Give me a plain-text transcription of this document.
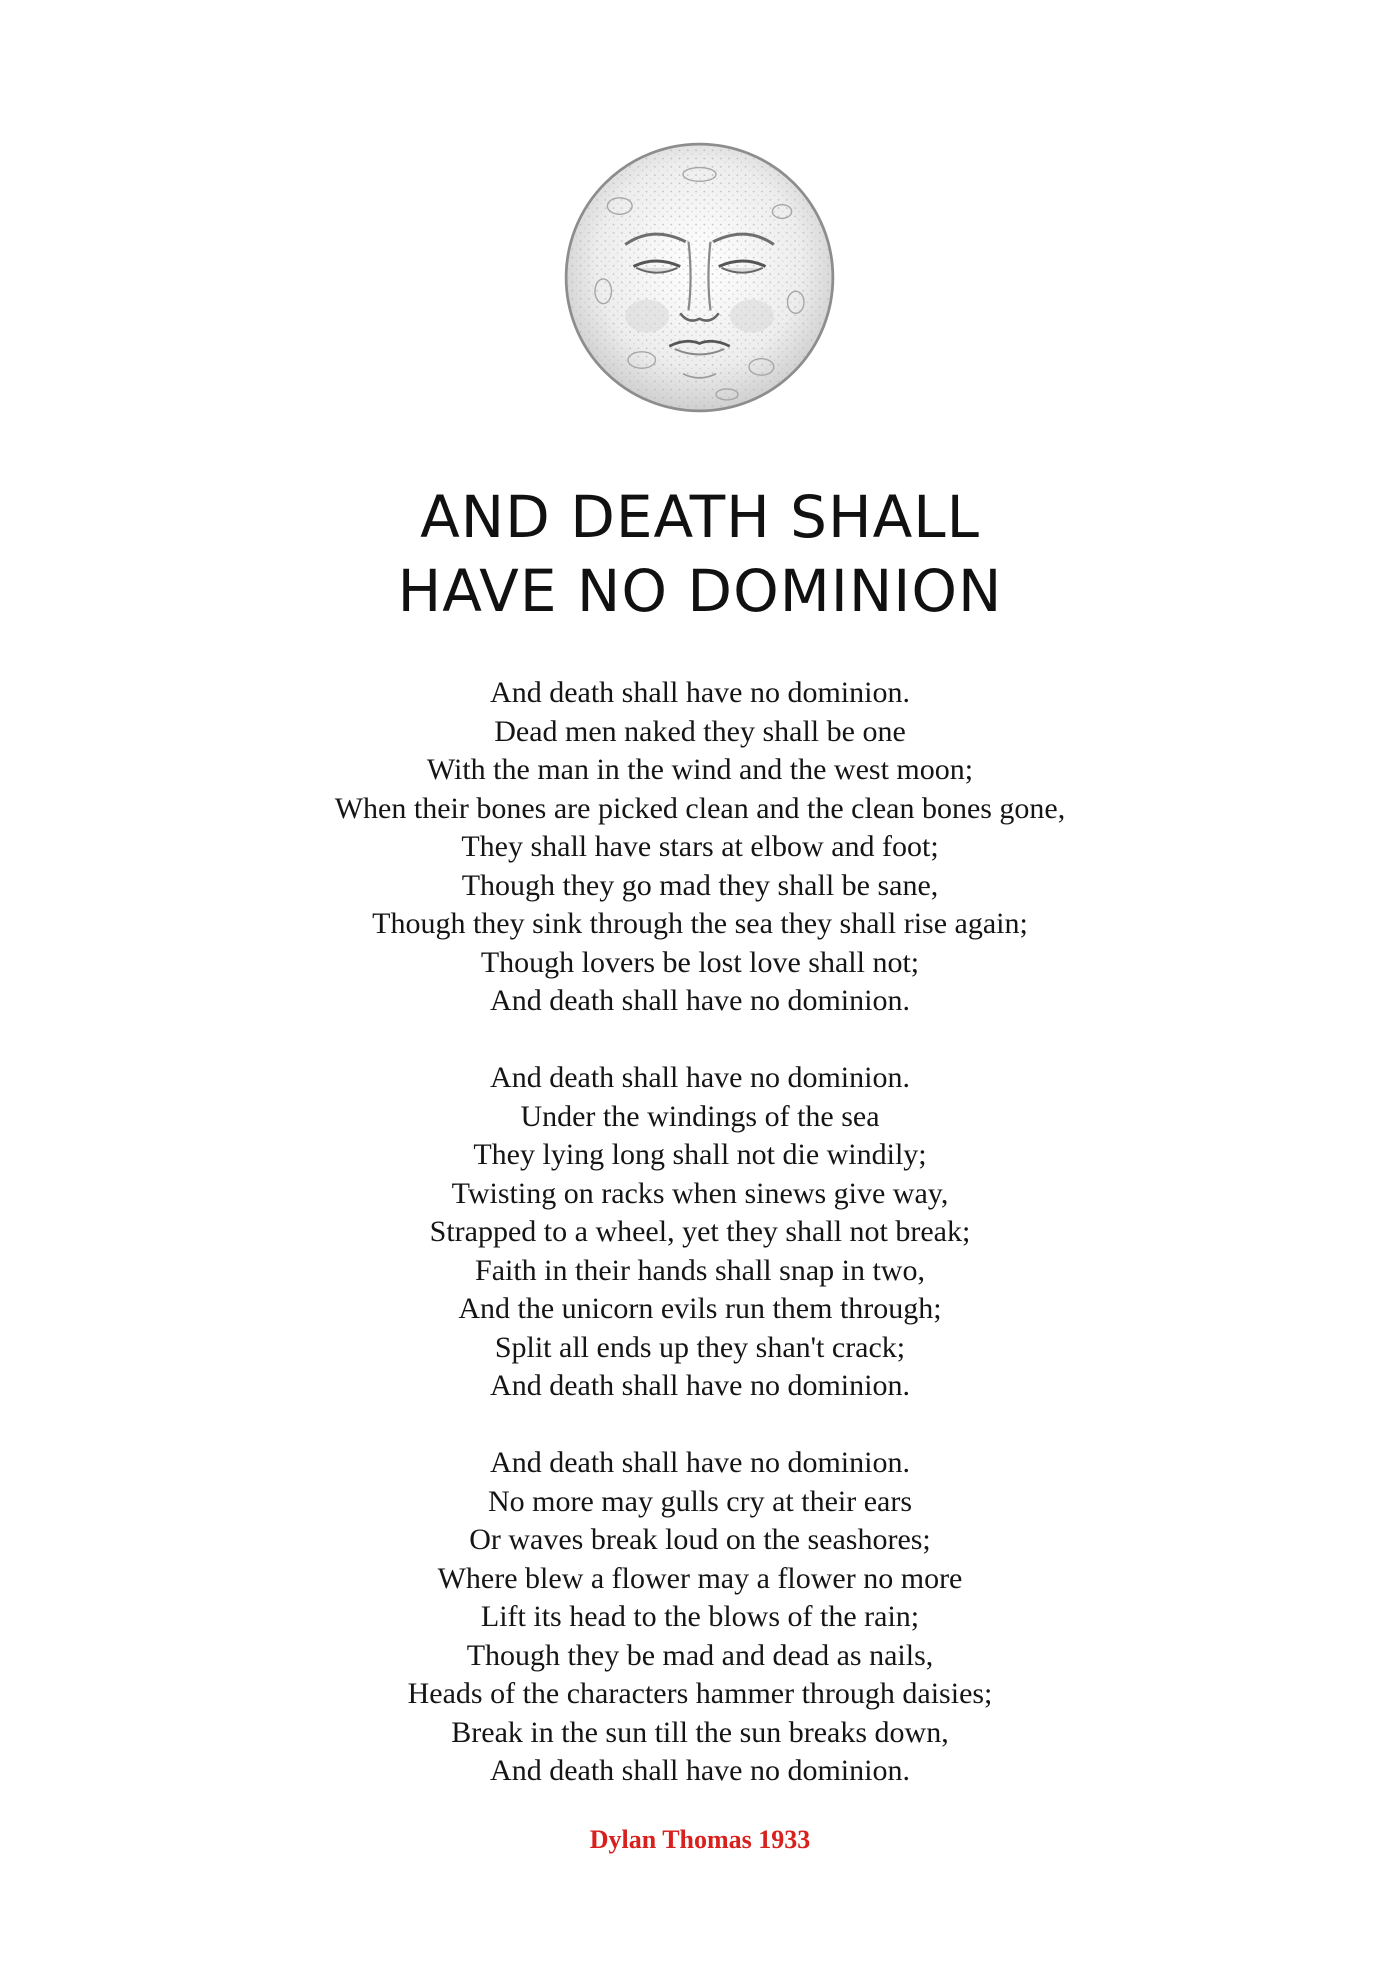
AND DEATH SHALL
HAVE NO DOMINION
And death shall have no dominion.
Dead men naked they shall be one
With the man in the wind and the west moon;
When their bones are picked clean and the clean bones gone,
They shall have stars at elbow and foot;
Though they go mad they shall be sane,
Though they sink through the sea they shall rise again;
Though lovers be lost love shall not;
And death shall have no dominion.
And death shall have no dominion.
Under the windings of the sea
They lying long shall not die windily;
Twisting on racks when sinews give way,
Strapped to a wheel, yet they shall not break;
Faith in their hands shall snap in two,
And the unicorn evils run them through;
Split all ends up they shan't crack;
And death shall have no dominion.
And death shall have no dominion.
No more may gulls cry at their ears
Or waves break loud on the seashores;
Where blew a flower may a flower no more
Lift its head to the blows of the rain;
Though they be mad and dead as nails,
Heads of the characters hammer through daisies;
Break in the sun till the sun breaks down,
And death shall have no dominion.
Dylan Thomas 1933
